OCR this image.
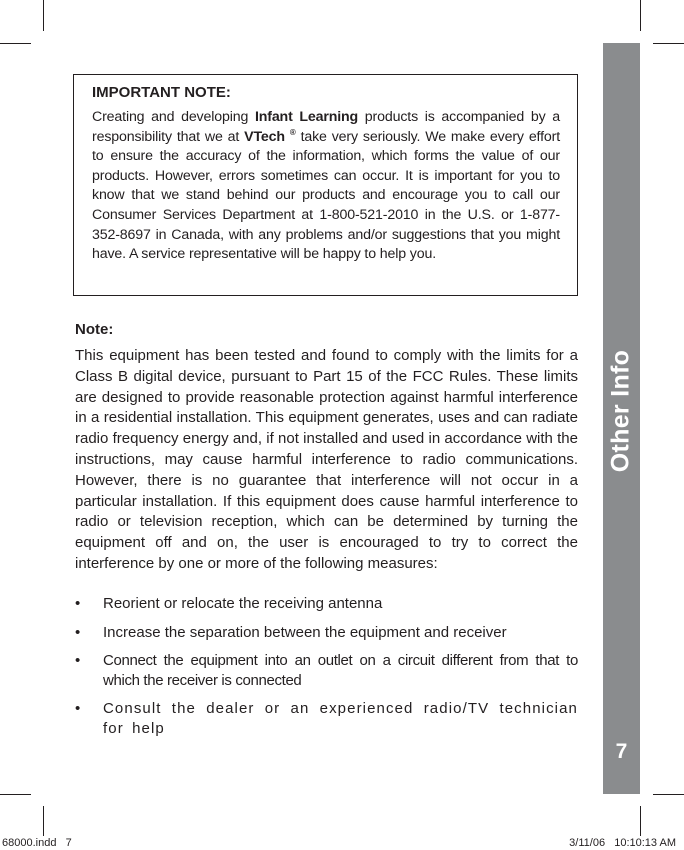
Other Info
7
IMPORTANT NOTE:

Creating and developing Infant Learning products is accompanied by a responsibility that we at VTech ® take very seriously. We make every effort to ensure the accuracy of the information, which forms the value of our products. However, errors sometimes can occur. It is important for you to know that we stand behind our products and encourage you to call our Consumer Services Department at 1-800-521-2010 in the U.S. or 1-877-352-8697 in Canada, with any problems and/or suggestions that you might have. A service representative will be happy to help you.

Note:

This equipment has been tested and found to comply with the limits for a Class B digital device, pursuant to Part 15 of the FCC Rules. These limits are designed to provide reasonable protection against harmful interference in a residential installation. This equipment generates, uses and can radiate radio frequency energy and, if not installed and used in accordance with the instructions, may cause harmful interference to radio communications. However, there is no guarantee that interference will not occur in a particular installation. If this equipment does cause harmful interference to radio or television reception, which can be determined by turning the equipment off and on, the user is encouraged to try to correct the interference by one or more of the following measures:

• Reorient or relocate the receiving antenna
• Increase the separation between the equipment and receiver
• Connect the equipment into an outlet on a circuit different from that to which the receiver is connected
• Consult the dealer or an experienced radio/TV technician for help
68000.indd   7	3/11/06   10:10:13 AM
